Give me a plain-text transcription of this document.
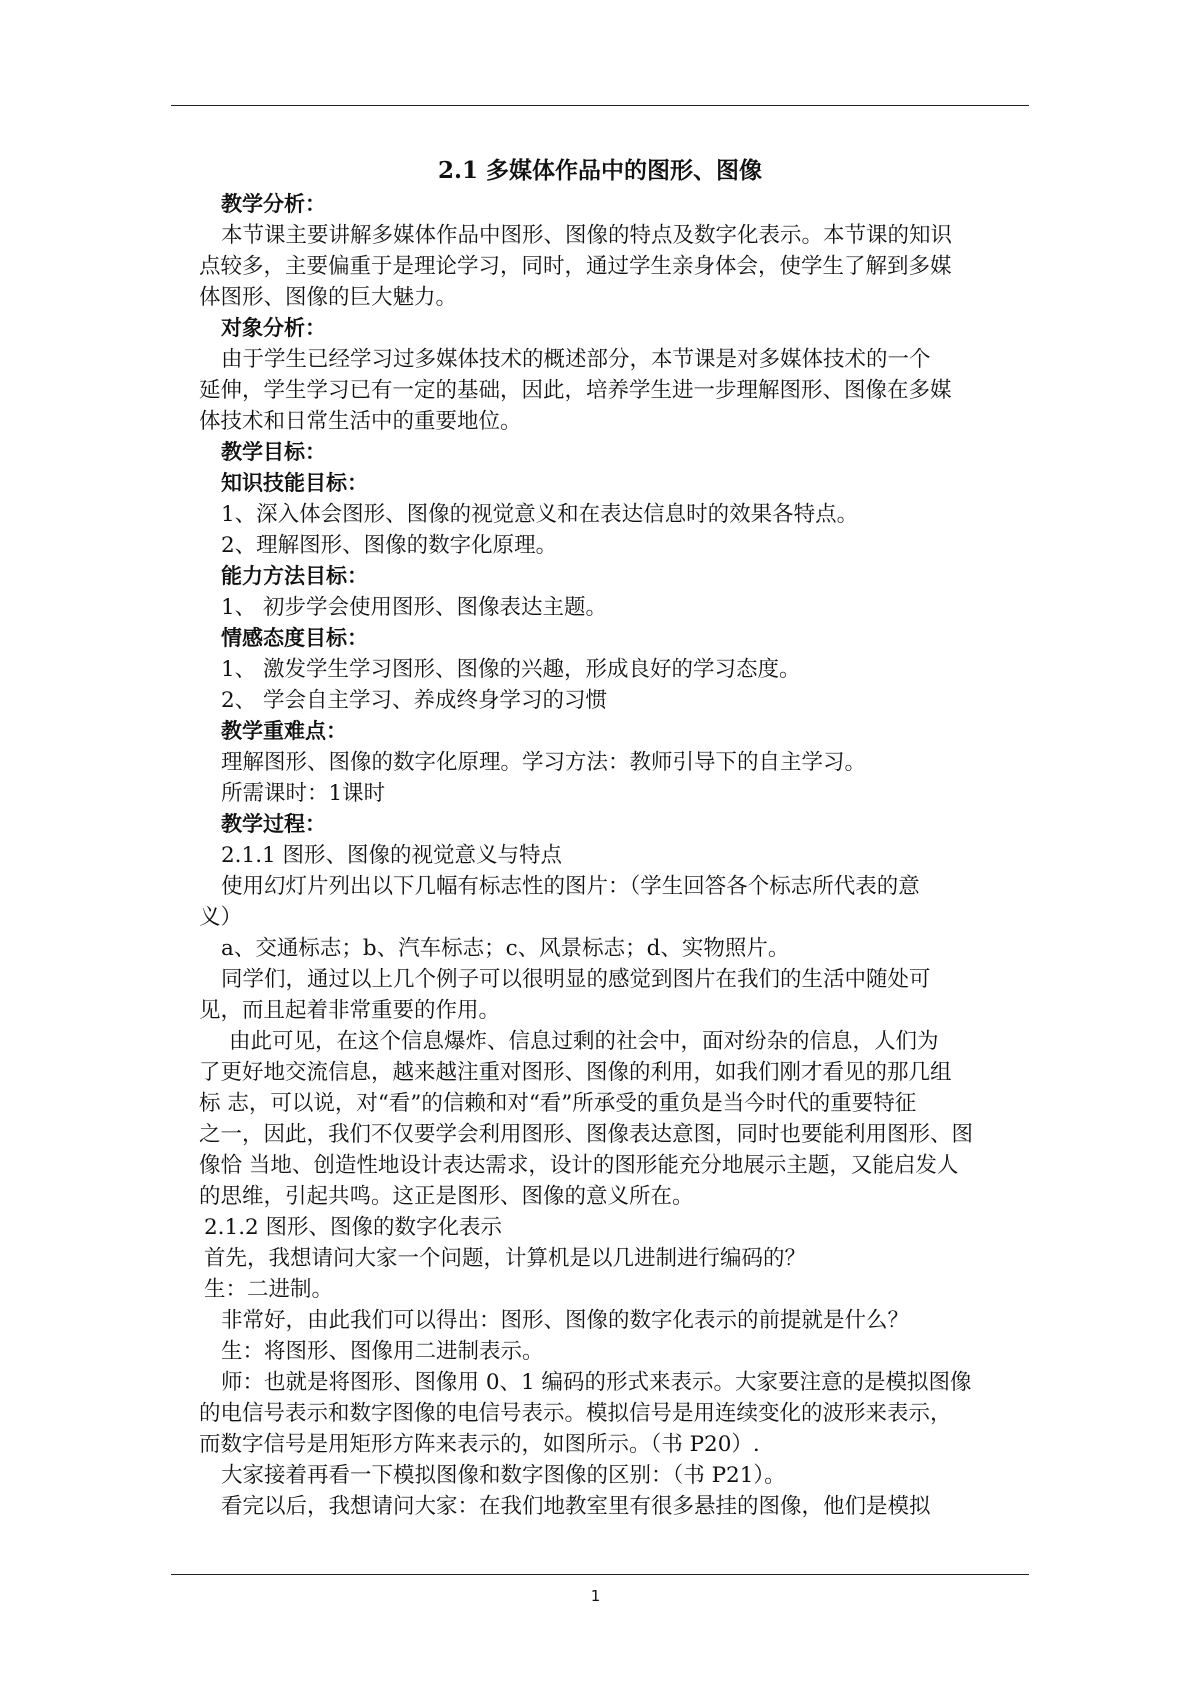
2.1 多媒体作品中的图形、图像
教学分析：
本节课主要讲解多媒体作品中图形、图像的特点及数字化表示。本节课的知识
点较多，主要偏重于是理论学习，同时，通过学生亲身体会，使学生了解到多媒
体图形、图像的巨大魅力。
对象分析：
由于学生已经学习过多媒体技术的概述部分，本节课是对多媒体技术的一个
延伸，学生学习已有一定的基础，因此，培养学生进一步理解图形、图像在多媒
体技术和日常生活中的重要地位。
教学目标：
知识技能目标：
1、深入体会图形、图像的视觉意义和在表达信息时的效果各特点。
2、理解图形、图像的数字化原理。
能力方法目标：
1、 初步学会使用图形、图像表达主题。
情感态度目标：
1、 激发学生学习图形、图像的兴趣，形成良好的学习态度。
2、 学会自主学习、养成终身学习的习惯
教学重难点：
理解图形、图像的数字化原理。学习方法：教师引导下的自主学习。
所需课时：1课时
教学过程：
2.1.1 图形、图像的视觉意义与特点
使用幻灯片列出以下几幅有标志性的图片：（学生回答各个标志所代表的意
义）
a、交通标志；b、汽车标志；c、风景标志；d、实物照片。
同学们，通过以上几个例子可以很明显的感觉到图片在我们的生活中随处可
见，而且起着非常重要的作用。
由此可见，在这个信息爆炸、信息过剩的社会中，面对纷杂的信息，人们为
了更好地交流信息，越来越注重对图形、图像的利用，如我们刚才看见的那几组
标 志，可以说，对“看”的信赖和对“看”所承受的重负是当今时代的重要特征
之一，因此，我们不仅要学会利用图形、图像表达意图，同时也要能利用图形、图
像恰 当地、创造性地设计表达需求，设计的图形能充分地展示主题，又能启发人
的思维，引起共鸣。这正是图形、图像的意义所在。
2.1.2 图形、图像的数字化表示
首先，我想请问大家一个问题，计算机是以几进制进行编码的？
生：二进制。
非常好，由此我们可以得出：图形、图像的数字化表示的前提就是什么？
生：将图形、图像用二进制表示。
师：也就是将图形、图像用 0、1 编码的形式来表示。大家要注意的是模拟图像
的电信号表示和数字图像的电信号表示。模拟信号是用连续变化的波形来表示，
而数字信号是用矩形方阵来表示的，如图所示。（书 P20）.
大家接着再看一下模拟图像和数字图像的区别：（书 P21）。
看完以后，我想请问大家：在我们地教室里有很多悬挂的图像，他们是模拟
1
